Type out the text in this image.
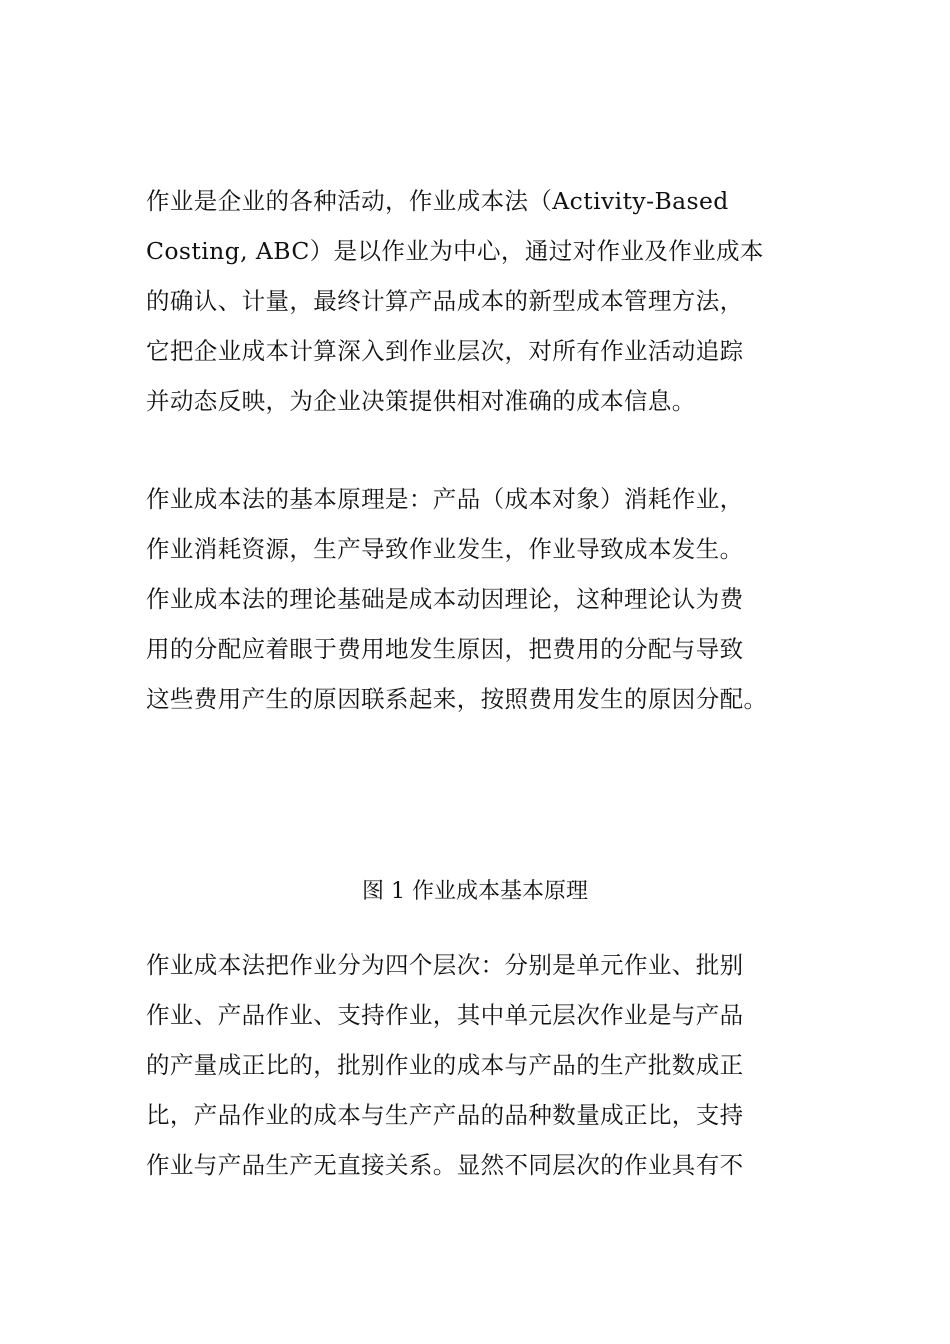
作业是企业的各种活动，作业成本法（Activity-Based
Costing, ABC）是以作业为中心，通过对作业及作业成本
的确认、计量，最终计算产品成本的新型成本管理方法，
它把企业成本计算深入到作业层次，对所有作业活动追踪
并动态反映，为企业决策提供相对准确的成本信息。
作业成本法的基本原理是：产品（成本对象）消耗作业，
作业消耗资源，生产导致作业发生，作业导致成本发生。
作业成本法的理论基础是成本动因理论，这种理论认为费
用的分配应着眼于费用地发生原因，把费用的分配与导致
这些费用产生的原因联系起来，按照费用发生的原因分配。

图 1 作业成本基本原理

作业成本法把作业分为四个层次：分别是单元作业、批别
作业、产品作业、支持作业，其中单元层次作业是与产品
的产量成正比的，批别作业的成本与产品的生产批数成正
比，产品作业的成本与生产产品的品种数量成正比，支持
作业与产品生产无直接关系。显然不同层次的作业具有不
